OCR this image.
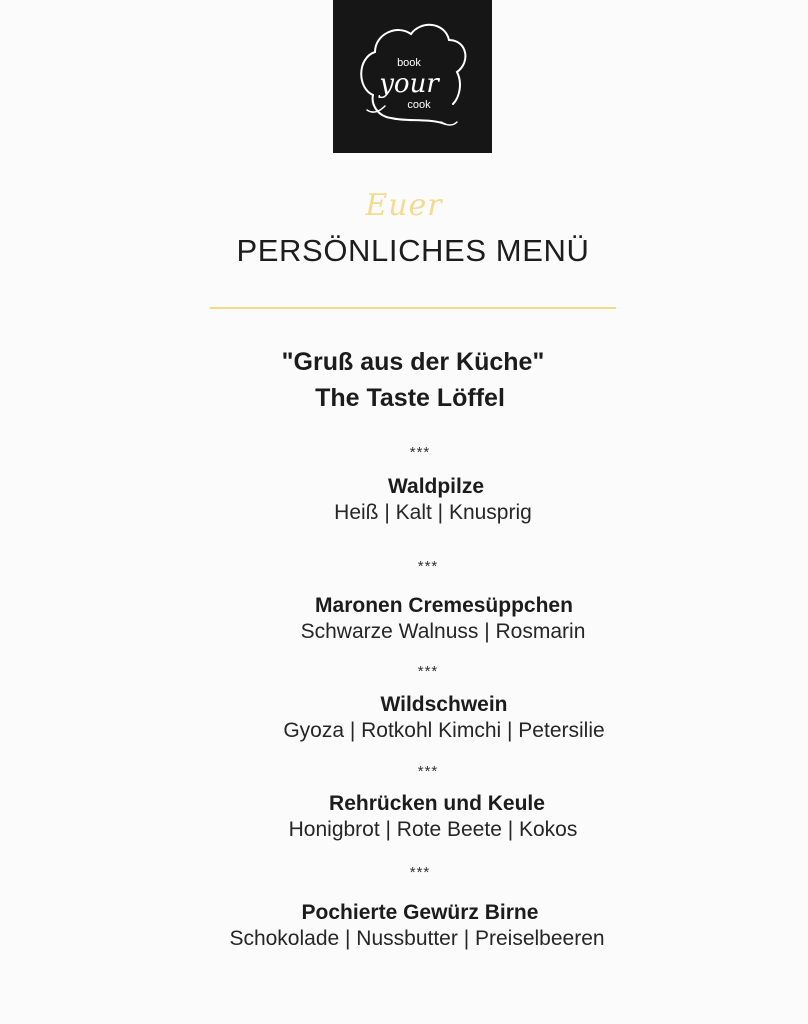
book
your
cook
Euer
PERSÖNLICHES MENÜ
"Gruß aus der Küche"
The Taste Löffel
***
Waldpilze
Heiß | Kalt | Knusprig
***
Maronen Cremesüppchen
Schwarze Walnuss | Rosmarin
***
Wildschwein
Gyoza | Rotkohl Kimchi | Petersilie
***
Rehrücken und Keule
Honigbrot | Rote Beete | Kokos
***
Pochierte Gewürz Birne
Schokolade | Nussbutter | Preiselbeeren
